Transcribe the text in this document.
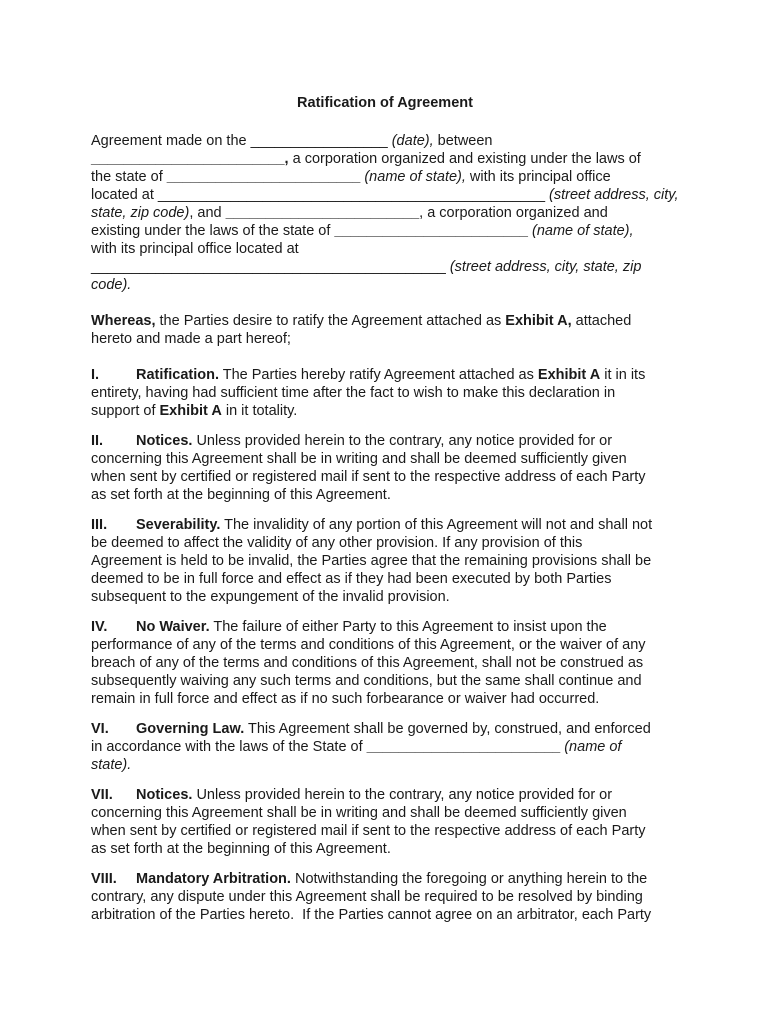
Ratification of Agreement
Agreement made on the _________________ (date), between
________________________, a corporation organized and existing under the laws of
the state of ________________________ (name of state), with its principal office
located at ________________________________________________ (street address, city,
state, zip code), and ________________________, a corporation organized and
existing under the laws of the state of ________________________ (name of state),
with its principal office located at
____________________________________________ (street address, city, state, zip
code).
Whereas, the Parties desire to ratify the Agreement attached as Exhibit A, attached
hereto and made a part hereof;
I.	Ratification. The Parties hereby ratify Agreement attached as Exhibit A it in its
entirety, having had sufficient time after the fact to wish to make this declaration in
support of Exhibit A in it totality.
II. Notices. Unless provided herein to the contrary, any notice provided for or
concerning this Agreement shall be in writing and shall be deemed sufficiently given
when sent by certified or registered mail if sent to the respective address of each Party
as set forth at the beginning of this Agreement.
III. Severability. The invalidity of any portion of this Agreement will not and shall not
be deemed to affect the validity of any other provision. If any provision of this
Agreement is held to be invalid, the Parties agree that the remaining provisions shall be
deemed to be in full force and effect as if they had been executed by both Parties
subsequent to the expungement of the invalid provision.
IV. No Waiver. The failure of either Party to this Agreement to insist upon the
performance of any of the terms and conditions of this Agreement, or the waiver of any
breach of any of the terms and conditions of this Agreement, shall not be construed as
subsequently waiving any such terms and conditions, but the same shall continue and
remain in full force and effect as if no such forbearance or waiver had occurred.
VI. Governing Law. This Agreement shall be governed by, construed, and enforced
in accordance with the laws of the State of ________________________ (name of
state).
VII. Notices. Unless provided herein to the contrary, any notice provided for or
concerning this Agreement shall be in writing and shall be deemed sufficiently given
when sent by certified or registered mail if sent to the respective address of each Party
as set forth at the beginning of this Agreement.
VIII. Mandatory Arbitration. Notwithstanding the foregoing or anything herein to the
contrary, any dispute under this Agreement shall be required to be resolved by binding
arbitration of the Parties hereto.  If the Parties cannot agree on an arbitrator, each Party
